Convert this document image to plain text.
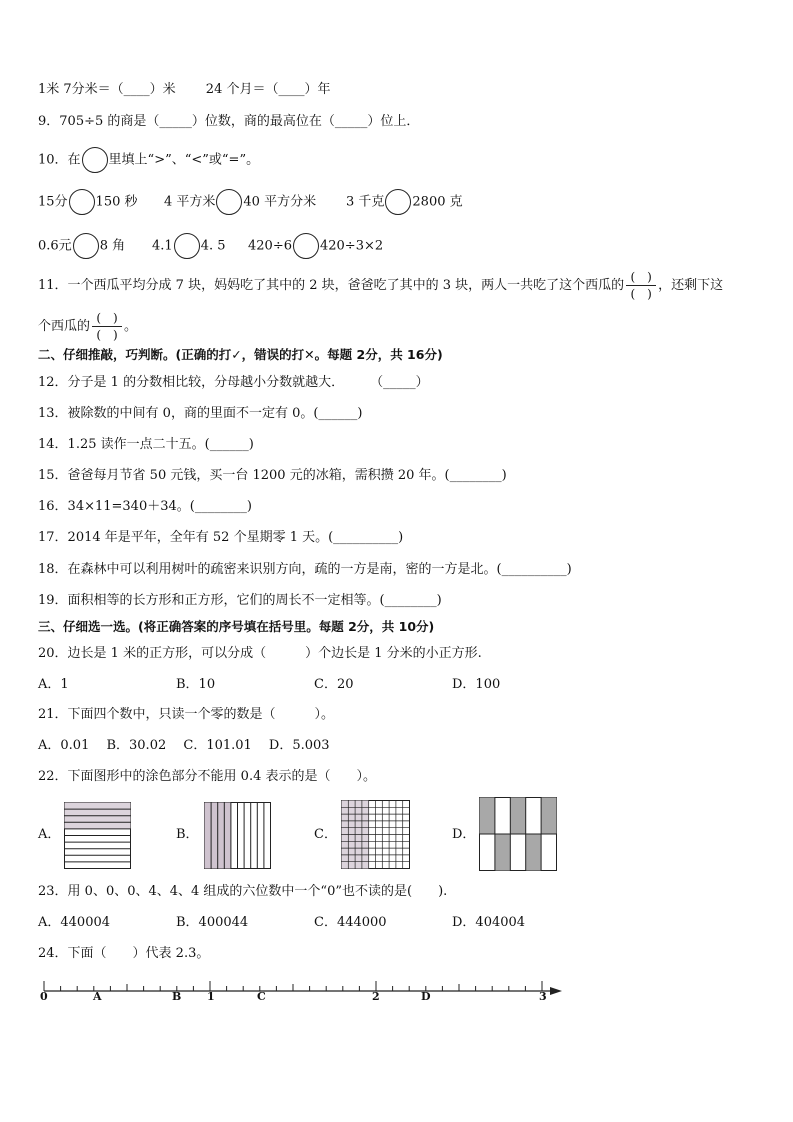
1米 7分米＝（____）米　　 24 个月＝（____）年
9．705÷5 的商是（_____）位数，商的最高位在（_____）位上．
10．在 里填上“>”、“<”或“=”。
15分 150 秒 4 平方米 40 平方分米 3 千克 2800 克
0.6元 8 角 4.1 4. 5 420÷6 420÷3×2
11．一个西瓜平均分成 7 块，妈妈吃了其中的 2 块，爸爸吃了其中的 3 块，两人一共吃了这个西瓜的 $\frac{( )}{( )}$ ，还剩下这
个西瓜的 $\frac{( )}{( )}$ 。
二、仔细推敲，巧判断。(正确的打✓，错误的打✕。每题 2分，共 16分)
12．分子是 1 的分数相比较，分母越小分数就越大．　　　（_____）
13．被除数的中间有 0，商的里面不一定有 0。(______)
14．1.25 读作一点二十五。(______)
15．爸爸每月节省 50 元钱，买一台 1200 元的冰箱，需积攒 20 年。(________)
16．34×11=340＋34。(________)
17．2014 年是平年，全年有 52 个星期零 1 天。(__________)
18．在森林中可以利用树叶的疏密来识别方向，疏的一方是南，密的一方是北。(__________)
19．面积相等的长方形和正方形，它们的周长不一定相等。(________)
三、仔细选一选。(将正确答案的序号填在括号里。每题 2分，共 10分)
20．边长是 1 米的正方形，可以分成（　　　）个边长是 1 分米的小正方形.
A．1	B．10	C．20	D．100
21．下面四个数中，只读一个零的数是（　　　）。
A．0.01　 B．30.02　 C．101.01　 D．5.003
22．下面图形中的涂色部分不能用 0.4 表示的是（　　）。
A．	B．	C．	D．
23．用 0、0、0、4、4、4 组成的六位数中一个“0”也不读的是(　　).
A．440004	B．400044	C．444000	D．404004
24．下面（　　）代表 2.3。
0	A	B 1	C	2	D	3
